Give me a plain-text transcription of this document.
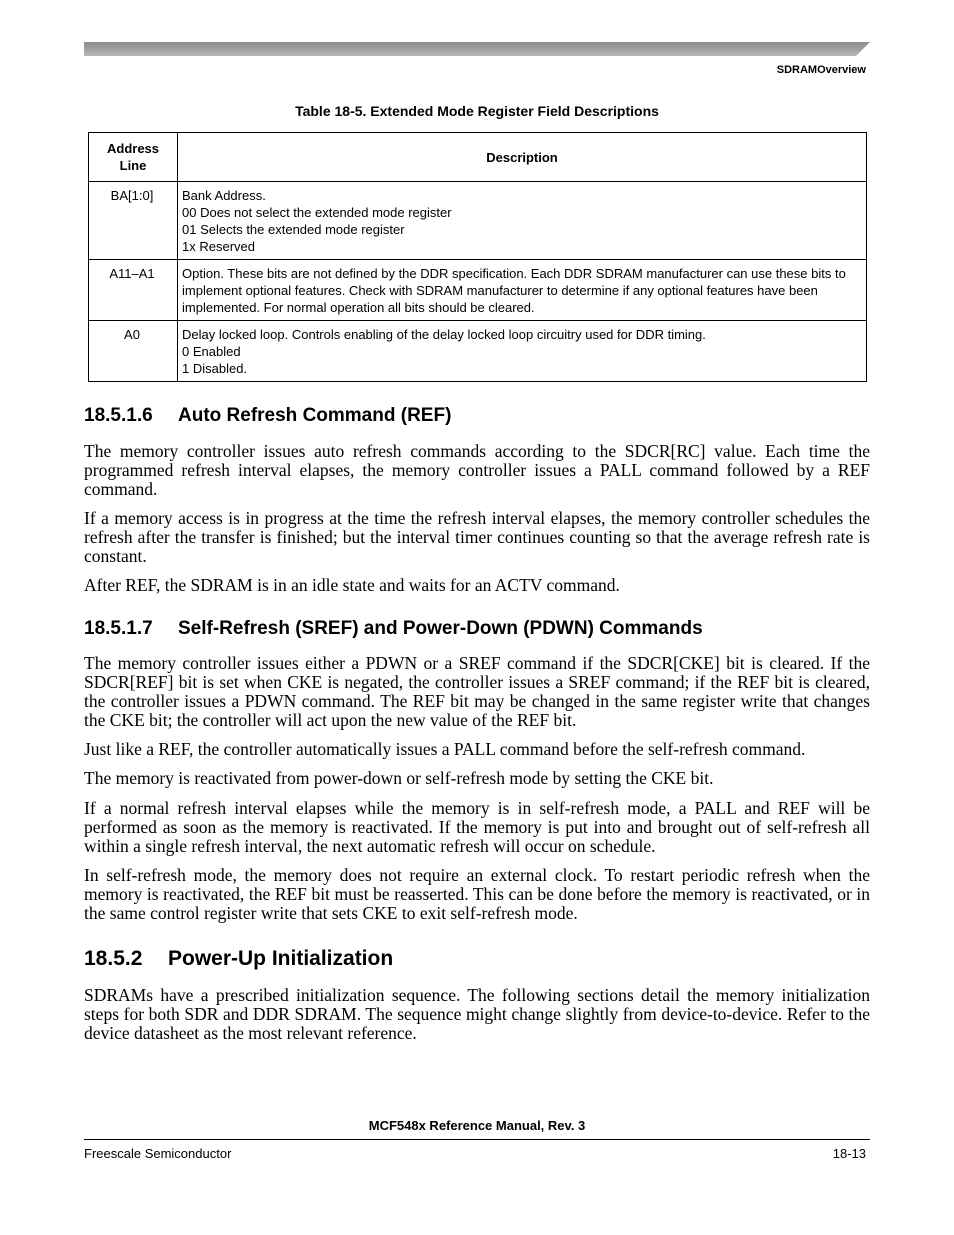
SDRAMOverview
Table 18-5. Extended Mode Register Field Descriptions
Address Line	Description
BA[1:0]	Bank Address.
00 Does not select the extended mode register
01 Selects the extended mode register
1x Reserved

A11–A1	Option. These bits are not defined by the DDR specification. Each DDR SDRAM manufacturer can use these bits to implement optional features. Check with SDRAM manufacturer to determine if any optional features have been implemented. For normal operation all bits should be cleared.

A0	Delay locked loop. Controls enabling of the delay locked loop circuitry used for DDR timing.
0 Enabled
1 Disabled.
18.5.1.6 Auto Refresh Command (REF)
The memory controller issues auto refresh commands according to the SDCR[RC] value. Each time the programmed refresh interval elapses, the memory controller issues a PALL command followed by a REF command.
If a memory access is in progress at the time the refresh interval elapses, the memory controller schedules the refresh after the transfer is finished; but the interval timer continues counting so that the average refresh rate is constant.
After REF, the SDRAM is in an idle state and waits for an ACTV command.
18.5.1.7 Self-Refresh (SREF) and Power-Down (PDWN) Commands
The memory controller issues either a PDWN or a SREF command if the SDCR[CKE] bit is cleared. If the SDCR[REF] bit is set when CKE is negated, the controller issues a SREF command; if the REF bit is cleared, the controller issues a PDWN command. The REF bit may be changed in the same register write that changes the CKE bit; the controller will act upon the new value of the REF bit.
Just like a REF, the controller automatically issues a PALL command before the self-refresh command.
The memory is reactivated from power-down or self-refresh mode by setting the CKE bit.
If a normal refresh interval elapses while the memory is in self-refresh mode, a PALL and REF will be performed as soon as the memory is reactivated. If the memory is put into and brought out of self-refresh all within a single refresh interval, the next automatic refresh will occur on schedule.
In self-refresh mode, the memory does not require an external clock. To restart periodic refresh when the memory is reactivated, the REF bit must be reasserted. This can be done before the memory is reactivated, or in the same control register write that sets CKE to exit self-refresh mode.
18.5.2 Power-Up Initialization
SDRAMs have a prescribed initialization sequence. The following sections detail the memory initialization steps for both SDR and DDR SDRAM. The sequence might change slightly from device-to-device. Refer to the device datasheet as the most relevant reference.
MCF548x Reference Manual, Rev. 3
Freescale Semiconductor	18-13
